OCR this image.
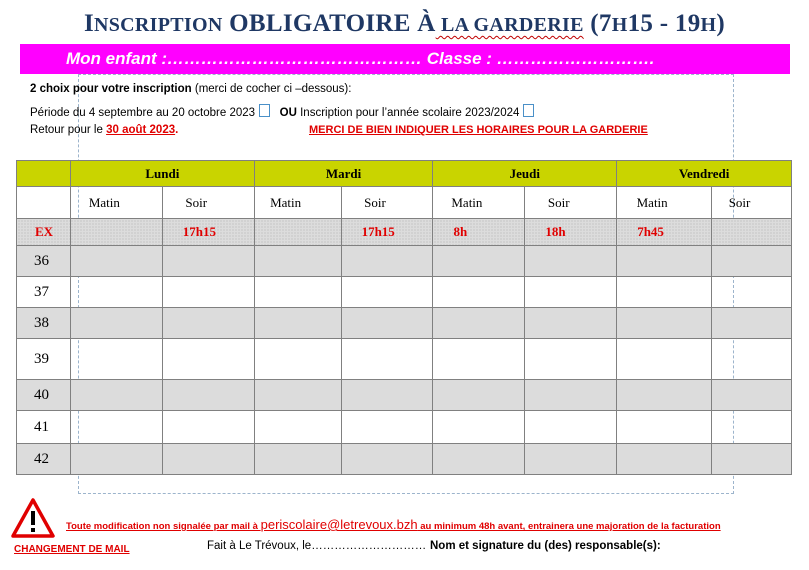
INSCRIPTION OBLIGATOIRE À LA GARDERIE (7H15 - 19H)
Mon enfant :……………………………………… Classe : ……………………….
2 choix pour votre inscription (merci de cocher ci –dessous):
Période du 4 septembre au 20 octobre 2023 OU Inscription pour l’année scolaire 2023/2024
Retour pour le 30 août 2023.	MERCI DE BIEN INDIQUER LES HORAIRES POUR LA GARDERIE
	Lundi		Mardi		Jeudi		Vendredi	
	Matin	Soir	Matin	Soir	Matin	Soir	Matin	Soir

EX		17h15		17h15	8h	18h	7h45	

36								
37								
38								
39								
40								
41								
42								
Toute modification non signalée par mail à periscolaire@letrevoux.bzh au minimum 48h avant, entrainera une majoration de la facturation
CHANGEMENT DE MAIL	Fait à Le Trévoux, le………………………… Nom et signature du (des) responsable(s):
